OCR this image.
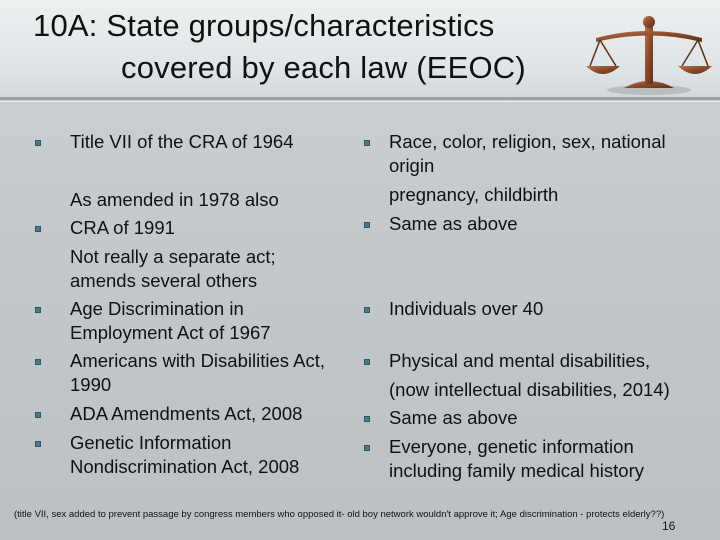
10A: State groups/characteristics
covered by each law (EEOC)
Title VII of the CRA of 1964
As amended in 1978 also
CRA of 1991
Not really a separate act;
amends several others
Age Discrimination in
Employment Act of 1967
Americans with Disabilities Act,
1990
ADA Amendments Act, 2008
Genetic Information
Nondiscrimination Act, 2008
Race, color, religion, sex, national
origin
pregnancy, childbirth
Same as above
Individuals over 40
Physical and mental disabilities,
(now intellectual disabilities, 2014)
Same as above
Everyone, genetic information
including family medical history
(title VII, sex added to prevent passage by congress members who opposed it- old boy network wouldn't approve it; Age discrimination - protects elderly??)
16
